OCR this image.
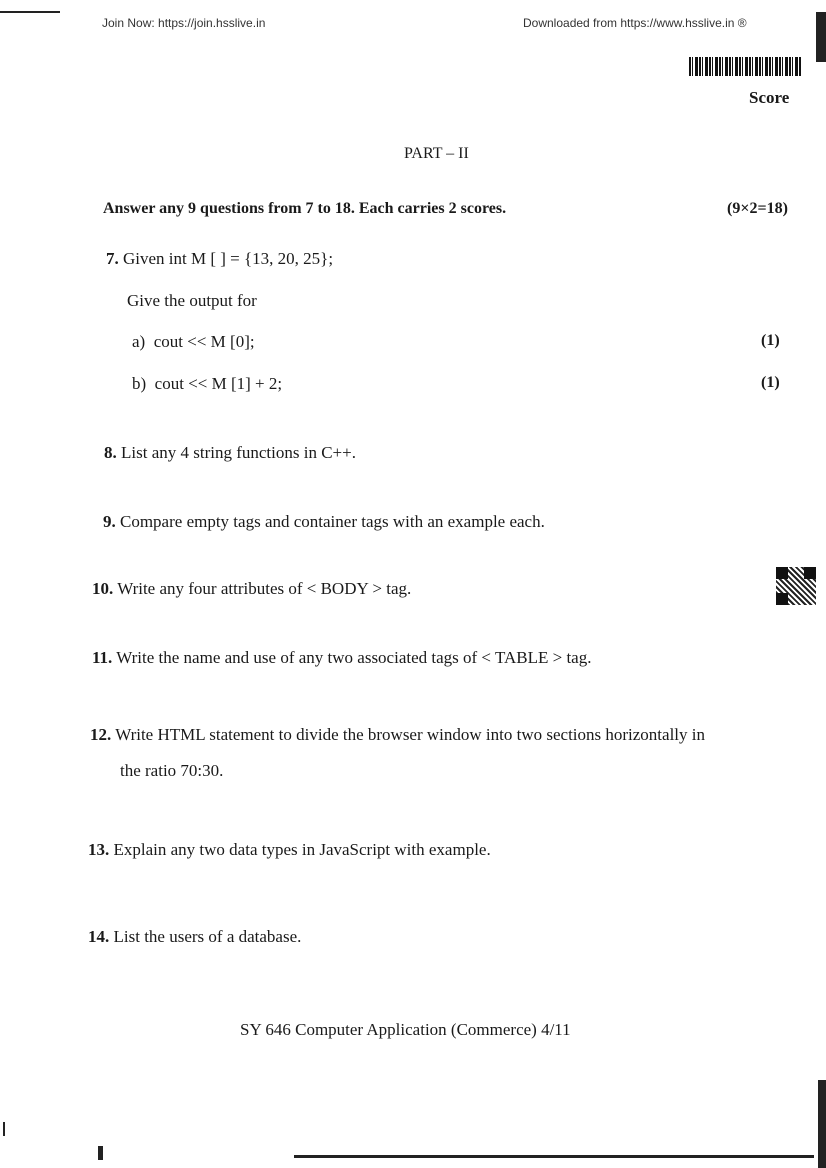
Join Now: https://join.hsslive.in	Downloaded from https://www.hsslive.in ®
Score
PART – II
Answer any 9 questions from 7 to 18. Each carries 2 scores.	(9×2=18)
7. Given int M [ ] = {13, 20, 25};
Give the output for
a) cout << M [0];	(1)
b) cout << M [1] + 2;	(1)
8. List any 4 string functions in C++.
9. Compare empty tags and container tags with an example each.
10. Write any four attributes of < BODY > tag.
11. Write the name and use of any two associated tags of < TABLE > tag.
12. Write HTML statement to divide the browser window into two sections horizontally in
the ratio 70:30.
13. Explain any two data types in JavaScript with example.
14. List the users of a database.
SY 646 Computer Application (Commerce) 4/11
